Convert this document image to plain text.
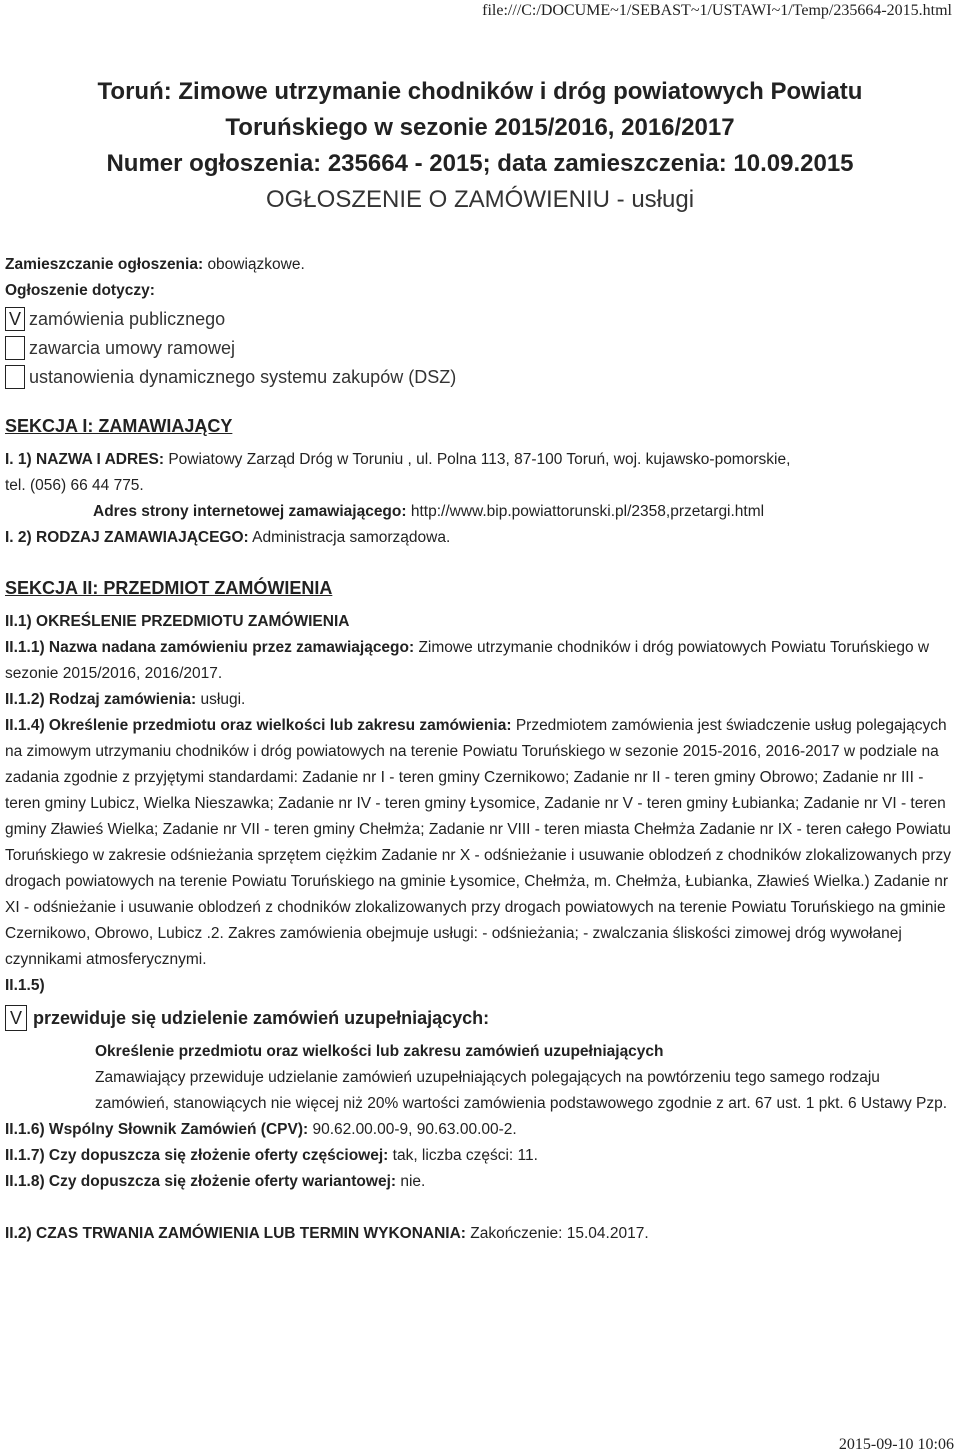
file:///C:/DOCUME~1/SEBAST~1/USTAWI~1/Temp/235664-2015.html
Toruń: Zimowe utrzymanie chodników i dróg powiatowych Powiatu
Toruńskiego w sezonie 2015/2016, 2016/2017
Numer ogłoszenia: 235664 - 2015; data zamieszczenia: 10.09.2015
OGŁOSZENIE O ZAMÓWIENIU - usługi
Zamieszczanie ogłoszenia: obowiązkowe.
Ogłoszenie dotyczy:
V zamówienia publicznego
zawarcia umowy ramowej
ustanowienia dynamicznego systemu zakupów (DSZ)
SEKCJA I: ZAMAWIAJĄCY
I. 1) NAZWA I ADRES: Powiatowy Zarząd Dróg w Toruniu , ul. Polna 113, 87-100 Toruń, woj. kujawsko-pomorskie,
tel. (056) 66 44 775.
Adres strony internetowej zamawiającego: http://www.bip.powiattorunski.pl/2358,przetargi.html
I. 2) RODZAJ ZAMAWIAJĄCEGO: Administracja samorządowa.
SEKCJA II: PRZEDMIOT ZAMÓWIENIA
II.1) OKREŚLENIE PRZEDMIOTU ZAMÓWIENIA

II.1.1) Nazwa nadana zamówieniu przez zamawiającego: Zimowe utrzymanie chodników i dróg powiatowych Powiatu Toruńskiego w sezonie 2015/2016, 2016/2017.

II.1.2) Rodzaj zamówienia: usługi.

II.1.4) Określenie przedmiotu oraz wielkości lub zakresu zamówienia: Przedmiotem zamówienia jest świadczenie usług polegających na zimowym utrzymaniu chodników i dróg powiatowych na terenie Powiatu Toruńskiego w sezonie 2015-2016, 2016-2017 w podziale na zadania zgodnie z przyjętymi standardami: Zadanie nr I - teren gminy Czernikowo; Zadanie nr II - teren gminy Obrowo; Zadanie nr III - teren gminy Lubicz, Wielka Nieszawka; Zadanie nr IV - teren gminy Łysomice, Zadanie nr V - teren gminy Łubianka; Zadanie nr VI - teren gminy Zławieś Wielka; Zadanie nr VII - teren gminy Chełmża; Zadanie nr VIII - teren miasta Chełmża Zadanie nr IX - teren całego Powiatu Toruńskiego w zakresie odśnieżania sprzętem ciężkim Zadanie nr X - odśnieżanie i usuwanie oblodzeń z chodników zlokalizowanych przy drogach powiatowych na terenie Powiatu Toruńskiego na gminie Łysomice, Chełmża, m. Chełmża, Łubianka, Zławieś Wielka.) Zadanie nr XI - odśnieżanie i usuwanie oblodzeń z chodników zlokalizowanych przy drogach powiatowych na terenie Powiatu Toruńskiego na gminie Czernikowo, Obrowo, Lubicz .2. Zakres zamówienia obejmuje usługi: - odśnieżania; - zwalczania śliskości zimowej dróg wywołanej czynnikami atmosferycznymi.

II.1.5)
V przewiduje się udzielenie zamówień uzupełniających:
Określenie przedmiotu oraz wielkości lub zakresu zamówień uzupełniających
Zamawiający przewiduje udzielanie zamówień uzupełniających polegających na powtórzeniu tego samego rodzaju zamówień, stanowiących nie więcej niż 20% wartości zamówienia podstawowego zgodnie z art. 67 ust. 1 pkt. 6 Ustawy Pzp.
II.1.6) Wspólny Słownik Zamówień (CPV): 90.62.00.00-9, 90.63.00.00-2.
II.1.7) Czy dopuszcza się złożenie oferty częściowej: tak, liczba części: 11.
II.1.8) Czy dopuszcza się złożenie oferty wariantowej: nie.
II.2) CZAS TRWANIA ZAMÓWIENIA LUB TERMIN WYKONANIA: Zakończenie: 15.04.2017.
2015-09-10 10:06
